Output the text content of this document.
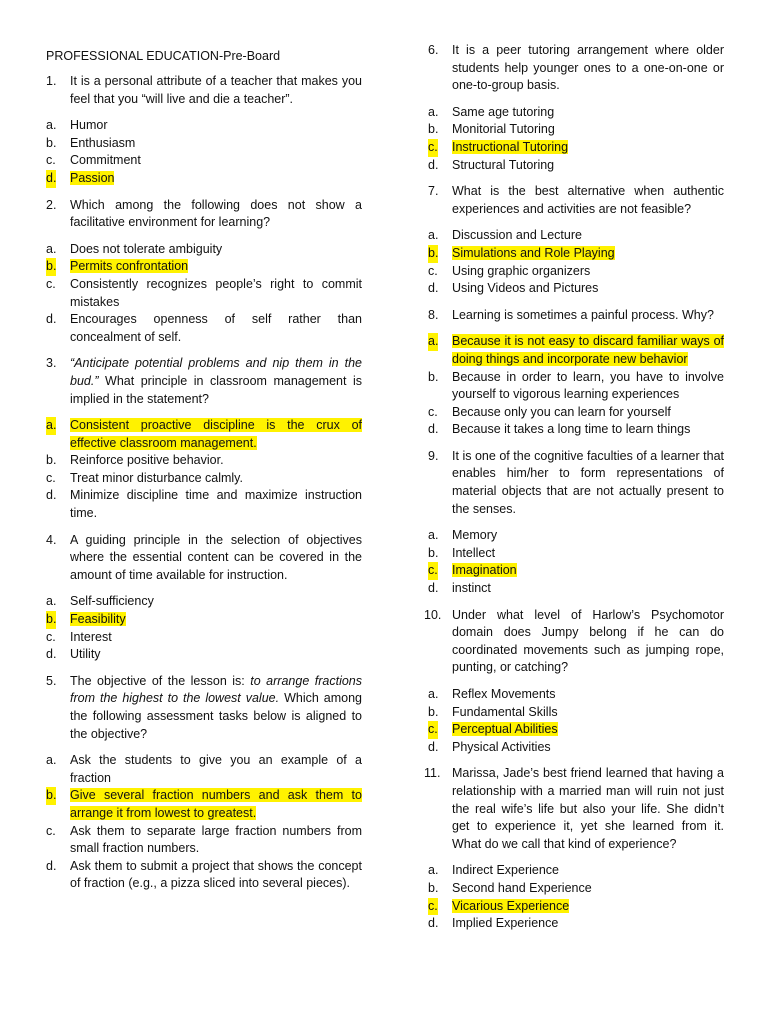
PROFESSIONAL EDUCATION-Pre-Board
1. It is a personal attribute of a teacher that makes you feel that you “will live and die a teacher”.
a. Humor
b. Enthusiasm
c. Commitment
d. Passion
2. Which among the following does not show a facilitative environment for learning?
a. Does not tolerate ambiguity
b. Permits confrontation
c. Consistently recognizes people’s right to commit mistakes
d. Encourages openness of self rather than concealment of self.
3. “Anticipate potential problems and nip them in the bud.” What principle in classroom management is implied in the statement?
a. Consistent proactive discipline is the crux of effective classroom management.
b. Reinforce positive behavior.
c. Treat minor disturbance calmly.
d. Minimize discipline time and maximize instruction time.
4. A guiding principle in the selection of objectives where the essential content can be covered in the amount of time available for instruction.
a. Self-sufficiency
b. Feasibility
c. Interest
d. Utility
5. The objective of the lesson is: to arrange fractions from the highest to the lowest value. Which among the following assessment tasks below is aligned to the objective?
a. Ask the students to give you an example of a fraction
b. Give several fraction numbers and ask them to arrange it from lowest to greatest.
c. Ask them to separate large fraction numbers from small fraction numbers.
d. Ask them to submit a project that shows the concept of fraction (e.g., a pizza sliced into several pieces).
6. It is a peer tutoring arrangement where older students help younger ones to a one-on-one or one-to-group basis.
a. Same age tutoring
b. Monitorial Tutoring
c. Instructional Tutoring
d. Structural Tutoring
7. What is the best alternative when authentic experiences and activities are not feasible?
a. Discussion and Lecture
b. Simulations and Role Playing
c. Using graphic organizers
d. Using Videos and Pictures
8. Learning is sometimes a painful process. Why?
a. Because it is not easy to discard familiar ways of doing things and incorporate new behavior
b. Because in order to learn, you have to involve yourself to vigorous learning experiences
c. Because only you can learn for yourself
d. Because it takes a long time to learn things
9. It is one of the cognitive faculties of a learner that enables him/her to form representations of material objects that are not actually present to the senses.
a. Memory
b. Intellect
c. Imagination
d. instinct
10. Under what level of Harlow’s Psychomotor domain does Jumpy belong if he can do coordinated movements such as jumping rope, punting, or catching?
a. Reflex Movements
b. Fundamental Skills
c. Perceptual Abilities
d. Physical Activities
11. Marissa, Jade’s best friend learned that having a relationship with a married man will ruin not just the real wife’s life but also your life. She didn’t get to experience it, yet she learned from it. What do we call that kind of experience?
a. Indirect Experience
b. Second hand Experience
c. Vicarious Experience
d. Implied Experience
